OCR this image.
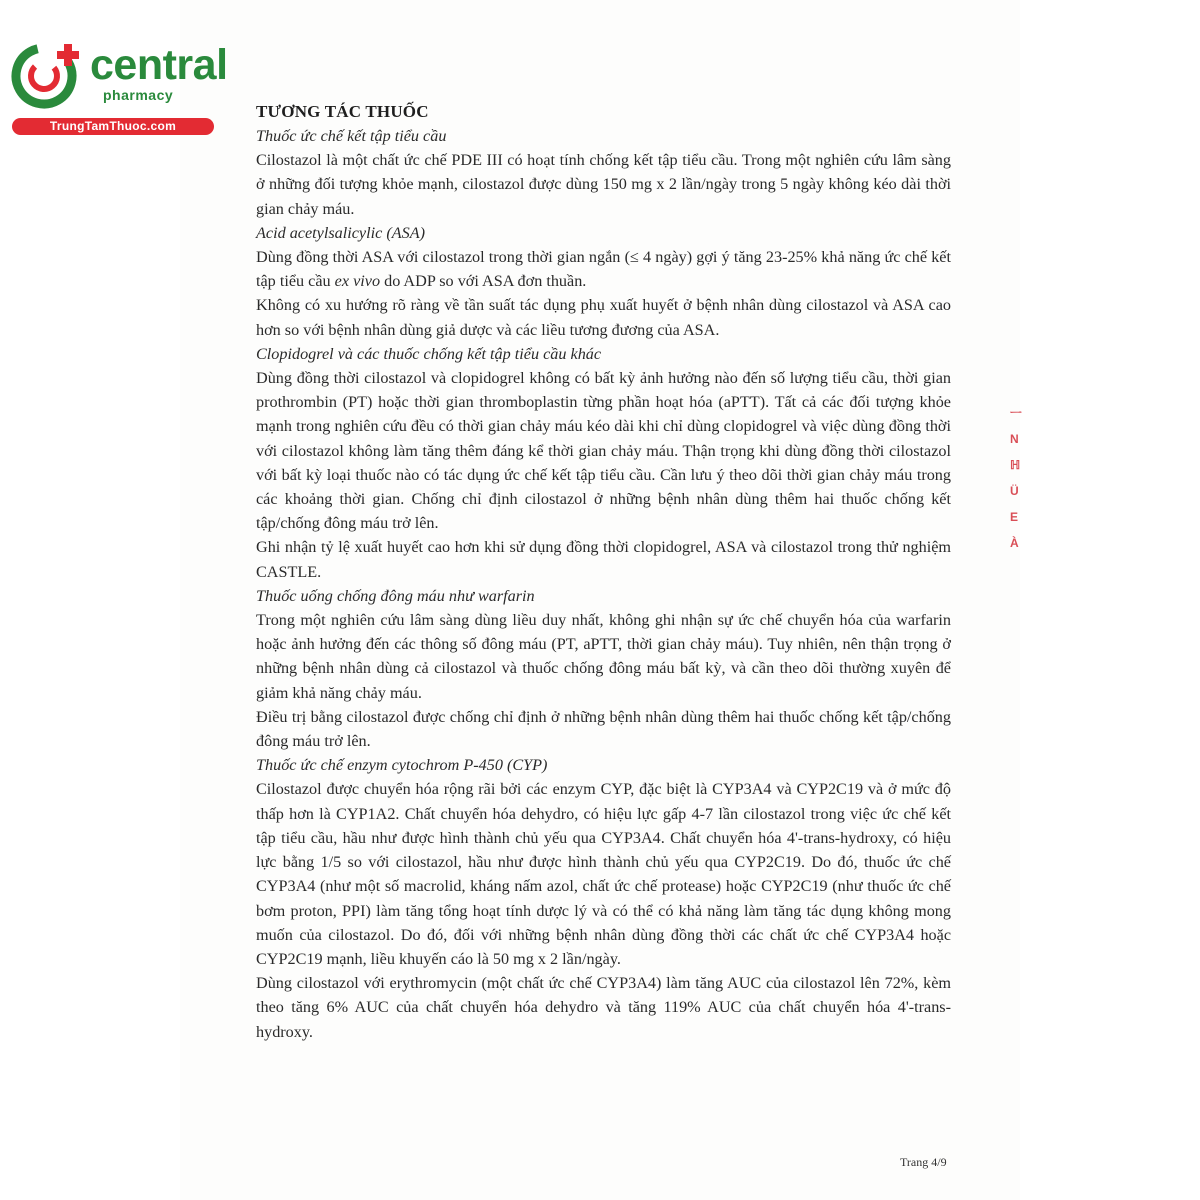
ㅡ
N
ℍ
Ü
E
À
central
pharmacy
TrungTamThuoc.com
TƯƠNG TÁC THUỐC

Thuốc ức chế kết tập tiểu cầu

Cilostazol là một chất ức chế PDE III có hoạt tính chống kết tập tiểu cầu. Trong một nghiên cứu lâm sàng ở những đối tượng khỏe mạnh, cilostazol được dùng 150 mg x 2 lần/ngày trong 5 ngày không kéo dài thời gian chảy máu.

Acid acetylsalicylic (ASA)

Dùng đồng thời ASA với cilostazol trong thời gian ngắn (≤ 4 ngày) gợi ý tăng 23-25% khả năng ức chế kết tập tiểu cầu ex vivo do ADP so với ASA đơn thuần.

Không có xu hướng rõ ràng về tần suất tác dụng phụ xuất huyết ở bệnh nhân dùng cilostazol và ASA cao hơn so với bệnh nhân dùng giả dược và các liều tương đương của ASA.

Clopidogrel và các thuốc chống kết tập tiểu cầu khác

Dùng đồng thời cilostazol và clopidogrel không có bất kỳ ảnh hưởng nào đến số lượng tiểu cầu, thời gian prothrombin (PT) hoặc thời gian thromboplastin từng phần hoạt hóa (aPTT). Tất cả các đối tượng khỏe mạnh trong nghiên cứu đều có thời gian chảy máu kéo dài khi chỉ dùng clopidogrel và việc dùng đồng thời với cilostazol không làm tăng thêm đáng kể thời gian chảy máu. Thận trọng khi dùng đồng thời cilostazol với bất kỳ loại thuốc nào có tác dụng ức chế kết tập tiểu cầu. Cần lưu ý theo dõi thời gian chảy máu trong các khoảng thời gian. Chống chỉ định cilostazol ở những bệnh nhân dùng thêm hai thuốc chống kết tập/chống đông máu trở lên.

Ghi nhận tỷ lệ xuất huyết cao hơn khi sử dụng đồng thời clopidogrel, ASA và cilostazol trong thử nghiệm CASTLE.

Thuốc uống chống đông máu như warfarin

Trong một nghiên cứu lâm sàng dùng liều duy nhất, không ghi nhận sự ức chế chuyển hóa của warfarin hoặc ảnh hưởng đến các thông số đông máu (PT, aPTT, thời gian chảy máu). Tuy nhiên, nên thận trọng ở những bệnh nhân dùng cả cilostazol và thuốc chống đông máu bất kỳ, và cần theo dõi thường xuyên để giảm khả năng chảy máu.

Điều trị bằng cilostazol được chống chỉ định ở những bệnh nhân dùng thêm hai thuốc chống kết tập/chống đông máu trở lên.

Thuốc ức chế enzym cytochrom P-450 (CYP)

Cilostazol được chuyển hóa rộng rãi bởi các enzym CYP, đặc biệt là CYP3A4 và CYP2C19 và ở mức độ thấp hơn là CYP1A2. Chất chuyển hóa dehydro, có hiệu lực gấp 4-7 lần cilostazol trong việc ức chế kết tập tiểu cầu, hầu như được hình thành chủ yếu qua CYP3A4. Chất chuyển hóa 4'-trans-hydroxy, có hiệu lực bằng 1/5 so với cilostazol, hầu như được hình thành chủ yếu qua CYP2C19. Do đó, thuốc ức chế CYP3A4 (như một số macrolid, kháng nấm azol, chất ức chế protease) hoặc CYP2C19 (như thuốc ức chế bơm proton, PPI) làm tăng tổng hoạt tính dược lý và có thể có khả năng làm tăng tác dụng không mong muốn của cilostazol. Do đó, đối với những bệnh nhân dùng đồng thời các chất ức chế CYP3A4 hoặc CYP2C19 mạnh, liều khuyến cáo là 50 mg x 2 lần/ngày.

Dùng cilostazol với erythromycin (một chất ức chế CYP3A4) làm tăng AUC của cilostazol lên 72%, kèm theo tăng 6% AUC của chất chuyển hóa dehydro và tăng 119% AUC của chất chuyển hóa 4'-trans-hydroxy.

Trang 4/9
